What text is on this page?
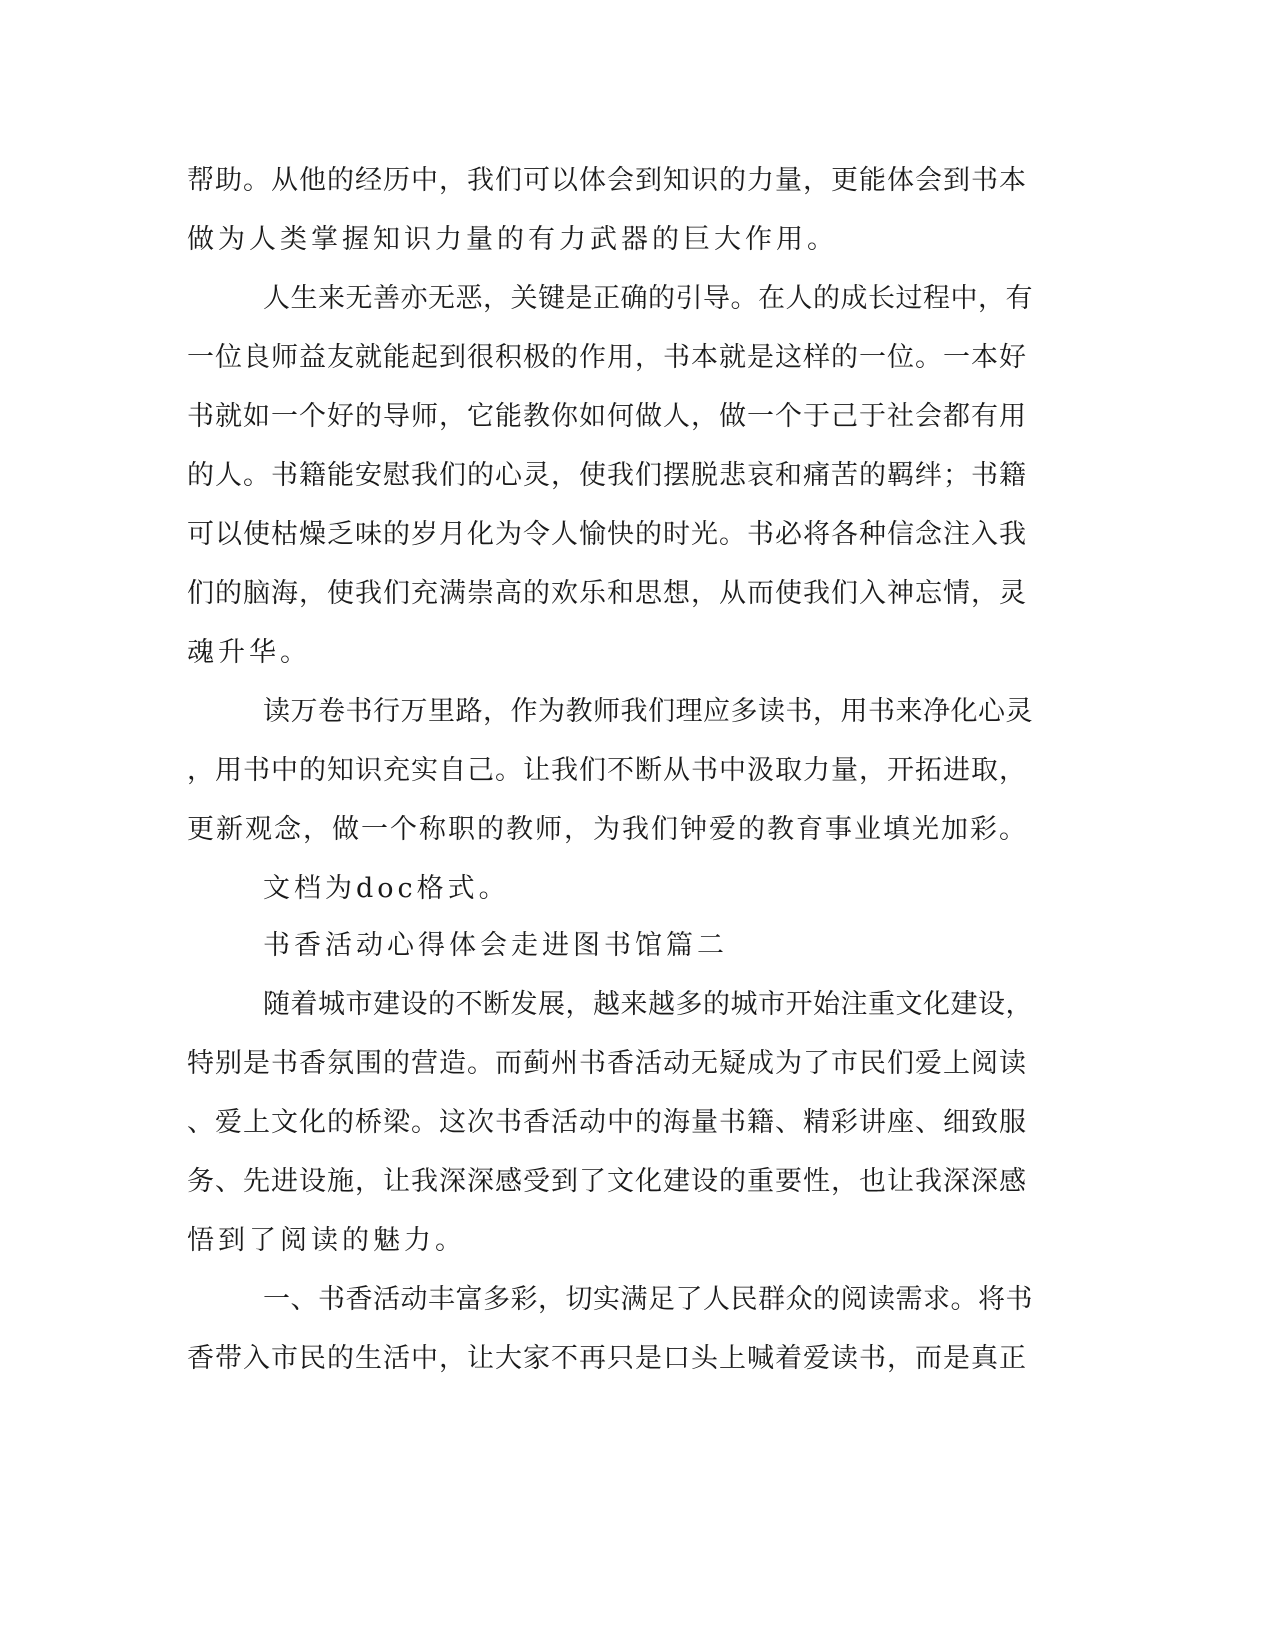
帮助。从他的经历中，我们可以体会到知识的力量，更能体会到书本
做为人类掌握知识力量的有力武器的巨大作用。
人生来无善亦无恶，关键是正确的引导。在人的成长过程中，有
一位良师益友就能起到很积极的作用，书本就是这样的一位。一本好
书就如一个好的导师，它能教你如何做人，做一个于己于社会都有用
的人。书籍能安慰我们的心灵，使我们摆脱悲哀和痛苦的羁绊；书籍
可以使枯燥乏味的岁月化为令人愉快的时光。书必将各种信念注入我
们的脑海，使我们充满崇高的欢乐和思想，从而使我们入神忘情，灵
魂升华。
读万卷书行万里路，作为教师我们理应多读书，用书来净化心灵
，用书中的知识充实自己。让我们不断从书中汲取力量，开拓进取，
更新观念，做一个称职的教师，为我们钟爱的教育事业填光加彩。
文档为doc格式。
书香活动心得体会走进图书馆篇二
随着城市建设的不断发展，越来越多的城市开始注重文化建设，
特别是书香氛围的营造。而蓟州书香活动无疑成为了市民们爱上阅读
、爱上文化的桥梁。这次书香活动中的海量书籍、精彩讲座、细致服
务、先进设施，让我深深感受到了文化建设的重要性，也让我深深感
悟到了阅读的魅力。
一、书香活动丰富多彩，切实满足了人民群众的阅读需求。将书
香带入市民的生活中，让大家不再只是口头上喊着爱读书，而是真正
